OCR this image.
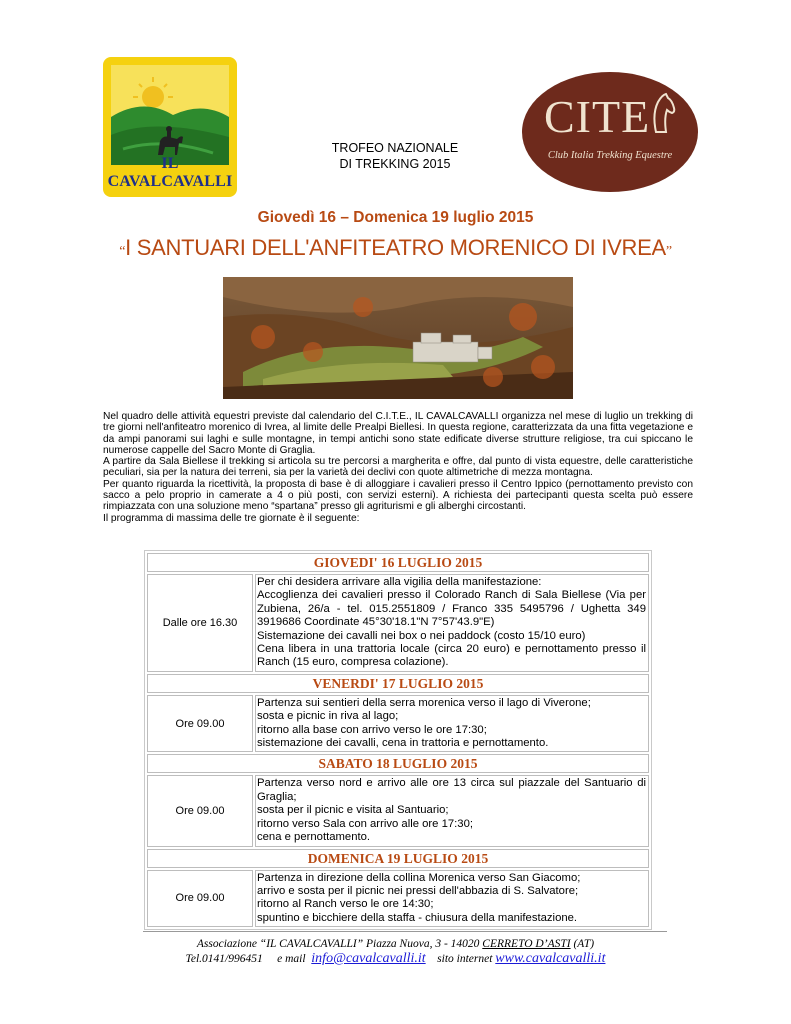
IL CAVALCAVALLI
CITE
Club Italia Trekking Equestre
TROFEO NAZIONALE
DI TREKKING 2015
Giovedì 16 – Domenica 19 luglio 2015
“I SANTUARI DELL'ANFITEATRO MORENICO DI IVREA”

Nel quadro delle attività equestri previste dal calendario del C.I.T.E., IL CAVALCAVALLI organizza nel mese di luglio un trekking di tre giorni nell'anfiteatro morenico di Ivrea, al limite delle Prealpi Biellesi. In questa regione, caratterizzata da una fitta vegetazione e da ampi panorami sui laghi e sulle montagne, in tempi antichi sono state edificate diverse strutture religiose, tra cui spiccano le numerose cappelle del Sacro Monte di Graglia.

A partire da Sala Biellese il trekking si articola su tre percorsi a margherita e offre, dal punto di vista equestre, delle caratteristiche peculiari, sia per la natura dei terreni, sia per la varietà dei declivi con quote altimetriche di mezza montagna.

Per quanto riguarda la ricettività, la proposta di base è di alloggiare i cavalieri presso il Centro Ippico (pernottamento previsto con sacco a pelo proprio in camerate a 4 o più posti, con servizi esterni). A richiesta dei partecipanti questa scelta può essere rimpiazzata con una soluzione meno “spartana” presso gli agriturismi e gli alberghi circostanti.

Il programma di massima delle tre giornate è il seguente:

GIOVEDI' 16 LUGLIO 2015
Dalle ore 16.30
Per chi desidera arrivare alla vigilia della manifestazione:
Accoglienza dei cavalieri presso il Colorado Ranch di Sala Biellese (Via per Zubiena, 26/a - tel. 015.2551809 / Franco 335 5495796 / Ughetta 349 3919686 Coordinate 45°30'18.1"N 7°57'43.9"E)
Sistemazione dei cavalli nei box o nei paddock (costo 15/10 euro)
Cena libera in una trattoria locale (circa 20 euro) e pernottamento presso il Ranch (15 euro, compresa colazione).
VENERDI' 17 LUGLIO 2015
Ore 09.00
Partenza sui sentieri della serra morenica verso il lago di Viverone;
sosta e picnic in riva al lago;
ritorno alla base con arrivo verso le ore 17:30;
sistemazione dei cavalli, cena in trattoria e pernottamento.
SABATO 18 LUGLIO 2015
Ore 09.00
Partenza verso nord e arrivo alle ore 13 circa sul piazzale del Santuario di Graglia;
sosta per il picnic e visita al Santuario;
ritorno verso Sala con arrivo alle ore 17:30;
cena e pernottamento.
DOMENICA 19 LUGLIO 2015
Ore 09.00
Partenza in direzione della collina Morenica verso San Giacomo;
arrivo e sosta per il picnic nei pressi dell'abbazia di S. Salvatore;
ritorno al Ranch verso le ore 14:30;
spuntino e bicchiere della staffa - chiusura della manifestazione.
Associazione “IL CAVALCAVALLI” Piazza Nuova, 3 - 14020 CERRETO D’ASTI (AT)
Tel.0141/996451 e mail info@cavalcavalli.it sito internet www.cavalcavalli.it
